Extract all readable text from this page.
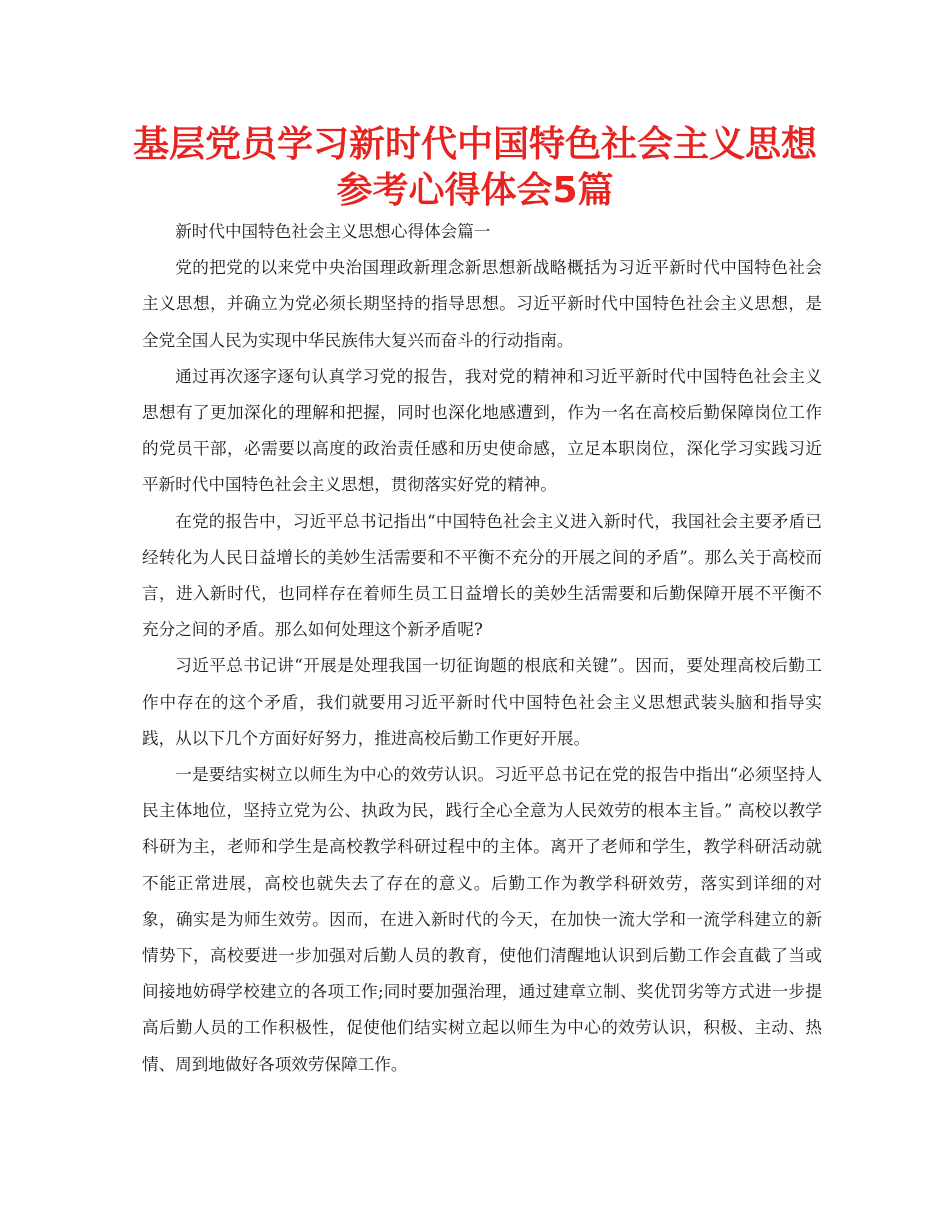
基层党员学习新时代中国特色社会主义思想参考心得体会5篇

新时代中国特色社会主义思想心得体会篇一

党的把党的以来党中央治国理政新理念新思想新战略概括为习近平新时代中国特色社会主义思想，并确立为党必须长期坚持的指导思想。习近平新时代中国特色社会主义思想，是全党全国人民为实现中华民族伟大复兴而奋斗的行动指南。

通过再次逐字逐句认真学习党的报告，我对党的精神和习近平新时代中国特色社会主义思想有了更加深化的理解和把握，同时也深化地感遭到，作为一名在高校后勤保障岗位工作的党员干部，必需要以高度的政治责任感和历史使命感，立足本职岗位，深化学习实践习近平新时代中国特色社会主义思想，贯彻落实好党的精神。

在党的报告中，习近平总书记指出“中国特色社会主义进入新时代，我国社会主要矛盾已经转化为人民日益增长的美妙生活需要和不平衡不充分的开展之间的矛盾”。那么关于高校而言，进入新时代，也同样存在着师生员工日益增长的美妙生活需要和后勤保障开展不平衡不充分之间的矛盾。那么如何处理这个新矛盾呢?

习近平总书记讲“开展是处理我国一切征询题的根底和关键”。因而，要处理高校后勤工作中存在的这个矛盾，我们就要用习近平新时代中国特色社会主义思想武装头脑和指导实践，从以下几个方面好好努力，推进高校后勤工作更好开展。

一是要结实树立以师生为中心的效劳认识。习近平总书记在党的报告中指出“必须坚持人民主体地位，坚持立党为公、执政为民，践行全心全意为人民效劳的根本主旨。” 高校以教学科研为主，老师和学生是高校教学科研过程中的主体。离开了老师和学生，教学科研活动就不能正常进展，高校也就失去了存在的意义。后勤工作为教学科研效劳，落实到详细的对象，确实是为师生效劳。因而，在进入新时代的今天，在加快一流大学和一流学科建立的新情势下，高校要进一步加强对后勤人员的教育，使他们清醒地认识到后勤工作会直截了当或间接地妨碍学校建立的各项工作;同时要加强治理，通过建章立制、奖优罚劣等方式进一步提高后勤人员的工作积极性，促使他们结实树立起以师生为中心的效劳认识，积极、主动、热情、周到地做好各项效劳保障工作。
